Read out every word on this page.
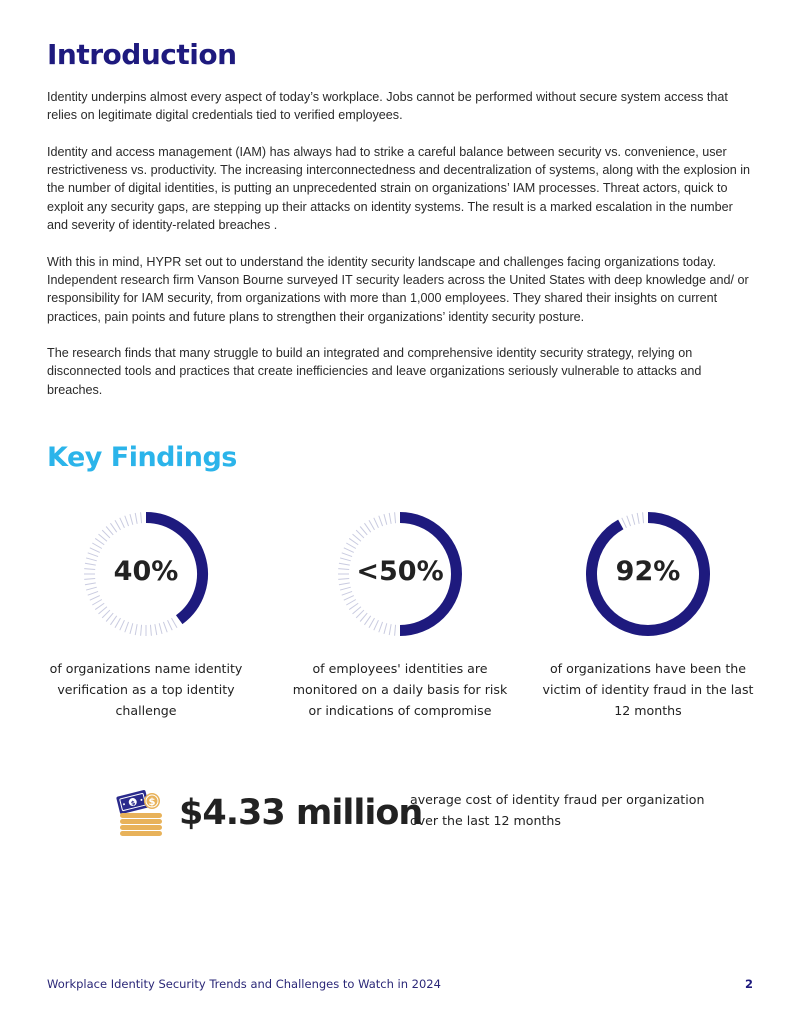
Introduction

Identity underpins almost every aspect of today’s workplace. Jobs cannot be performed without secure system access that relies on legitimate digital credentials tied to verified employees.

Identity and access management (IAM) has always had to strike a careful balance between security vs. convenience, user restrictiveness vs. productivity. The increasing interconnectedness and decentralization of systems, along with the explosion in the number of digital identities, is putting an unprecedented strain on organizations’ IAM processes. Threat actors, quick to exploit any security gaps, are stepping up their attacks on identity systems. The result is a marked escalation in the number and severity of identity-related breaches .

With this in mind, HYPR set out to understand the identity security landscape and challenges facing organizations today. Independent research firm Vanson Bourne surveyed IT security leaders across the United States with deep knowledge and/ or responsibility for IAM security, from organizations with more than 1,000 employees. They shared their insights on current practices, pain points and future plans to strengthen their organizations’ identity security posture.

The research finds that many struggle to build an integrated and comprehensive identity security strategy, relying on disconnected tools and practices that create inefficiencies and leave organizations seriously vulnerable to attacks and breaches.

Key Findings
40%
of organizations name identity verification as a top identity challenge
<50%
of employees' identities are monitored on a daily basis for risk or indications of compromise
92%
of organizations have been the victim of identity fraud in the last 12 months
$ $ $4.33 million
average cost of identity fraud per organization over the last 12 months
Workplace Identity Security Trends and Challenges to Watch in 2024	2
